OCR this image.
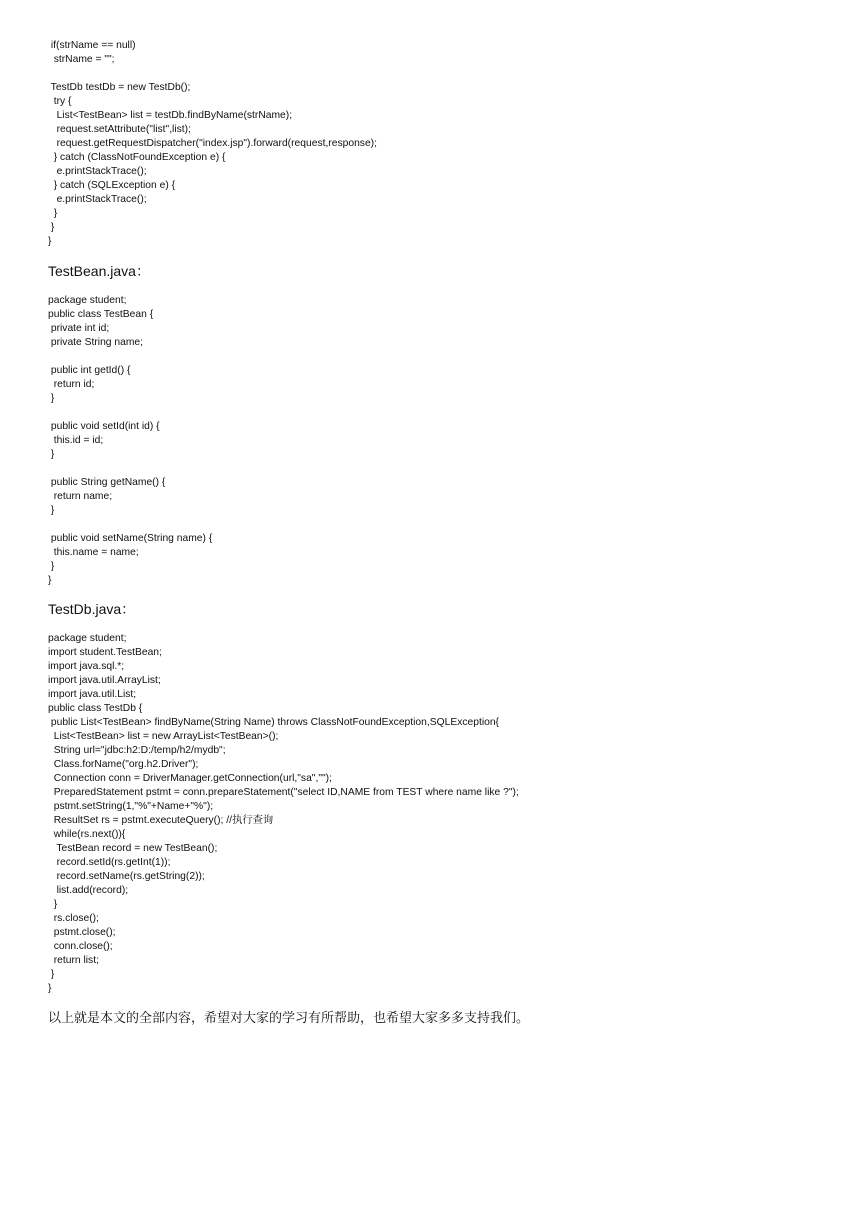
if(strName == null)
strName = "";
TestDb testDb = new TestDb();
try {
List<TestBean> list = testDb.findByName(strName);
request.setAttribute("list",list);
request.getRequestDispatcher("index.jsp").forward(request,response);
} catch (ClassNotFoundException e) {
e.printStackTrace();
} catch (SQLException e) {
e.printStackTrace();
}
}
}
TestBean.java：
package student;
public class TestBean {
private int id;
private String name;
public int getId() {
return id;
}
public void setId(int id) {
this.id = id;
}
public String getName() {
return name;
}
public void setName(String name) {
this.name = name;
}
}
TestDb.java：
package student;
import student.TestBean;
import java.sql.*;
import java.util.ArrayList;
import java.util.List;
public class TestDb {
public List<TestBean> findByName(String Name) throws ClassNotFoundException,SQLException{
List<TestBean> list = new ArrayList<TestBean>();
String url="jdbc:h2:D:/temp/h2/mydb";
Class.forName("org.h2.Driver");
Connection conn = DriverManager.getConnection(url,"sa","");
PreparedStatement pstmt = conn.prepareStatement("select ID,NAME from TEST where name like ?");
pstmt.setString(1,"%"+Name+"%");
ResultSet rs = pstmt.executeQuery(); //执行查询
while(rs.next()){
TestBean record = new TestBean();
record.setId(rs.getInt(1));
record.setName(rs.getString(2));
list.add(record);
}
rs.close();
pstmt.close();
conn.close();
return list;
}
}
以上就是本文的全部内容，希望对大家的学习有所帮助，也希望大家多多支持我们。
